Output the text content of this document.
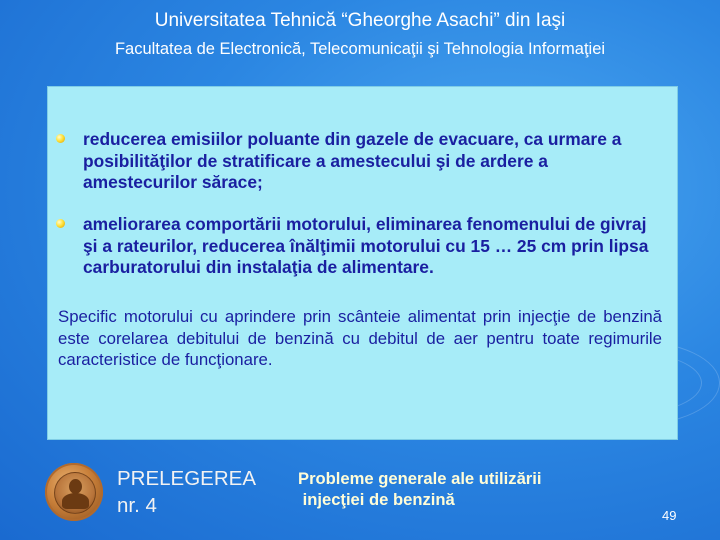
Universitatea Tehnică “Gheorghe Asachi” din Iaşi
Facultatea de Electronică, Telecomunicaţii şi Tehnologia Informaţiei
reducerea emisiilor poluante din gazele de evacuare, ca urmare a posibilităţilor de stratificare a amestecului şi de ardere a amestecurilor sărace;
ameliorarea comportării motorului, eliminarea fenomenului de givraj şi a rateurilor, reducerea înălţimii motorului cu 15 … 25 cm prin lipsa carburatorului din instalaţia de alimentare.
Specific motorului cu aprindere prin scânteie alimentat prin injecţie de benzină este corelarea debitului de benzină cu debitul de aer pentru toate regimurile caracteristice de funcţionare.
PRELEGEREA
nr. 4
Probleme generale ale utilizării
injecţiei de benzină
49
